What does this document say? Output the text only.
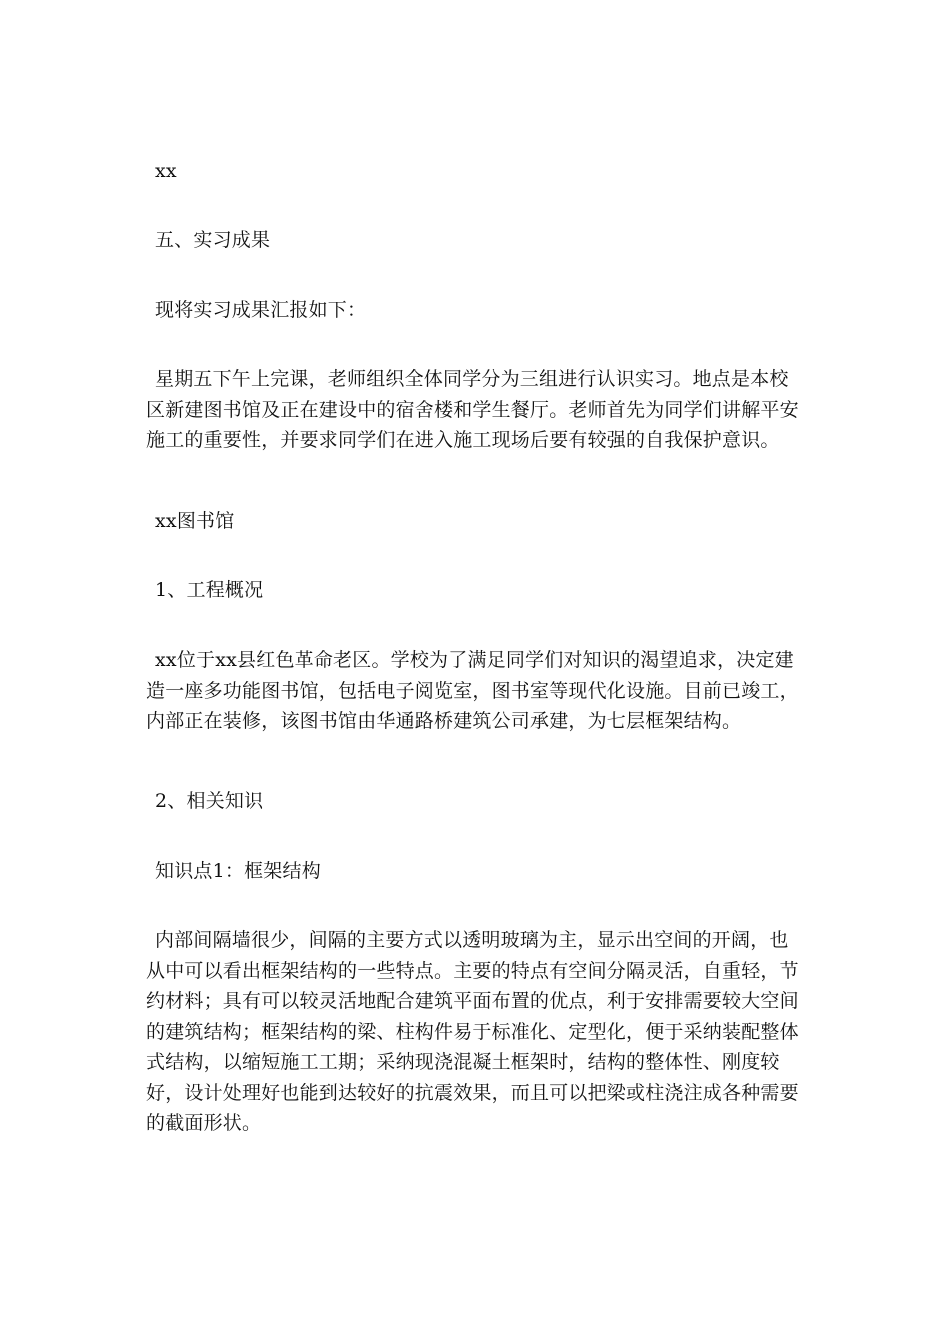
xx

五、实习成果

现将实习成果汇报如下：

星期五下午上完课，老师组织全体同学分为三组进行认识实习。地点是本校区新建图书馆及正在建设中的宿舍楼和学生餐厅。老师首先为同学们讲解平安施工的重要性，并要求同学们在进入施工现场后要有较强的自我保护意识。

xx图书馆

1、工程概况

xx位于xx县红色革命老区。学校为了满足同学们对知识的渴望追求，决定建造一座多功能图书馆，包括电子阅览室，图书室等现代化设施。目前已竣工，内部正在装修，该图书馆由华通路桥建筑公司承建，为七层框架结构。

2、相关知识

知识点1：框架结构

内部间隔墙很少，间隔的主要方式以透明玻璃为主，显示出空间的开阔，也从中可以看出框架结构的一些特点。主要的特点有空间分隔灵活，自重轻，节约材料；具有可以较灵活地配合建筑平面布置的优点，利于安排需要较大空间的建筑结构；框架结构的梁、柱构件易于标准化、定型化，便于采纳装配整体式结构，以缩短施工工期；采纳现浇混凝土框架时，结构的整体性、刚度较好，设计处理好也能到达较好的抗震效果，而且可以把梁或柱浇注成各种需要的截面形状。
